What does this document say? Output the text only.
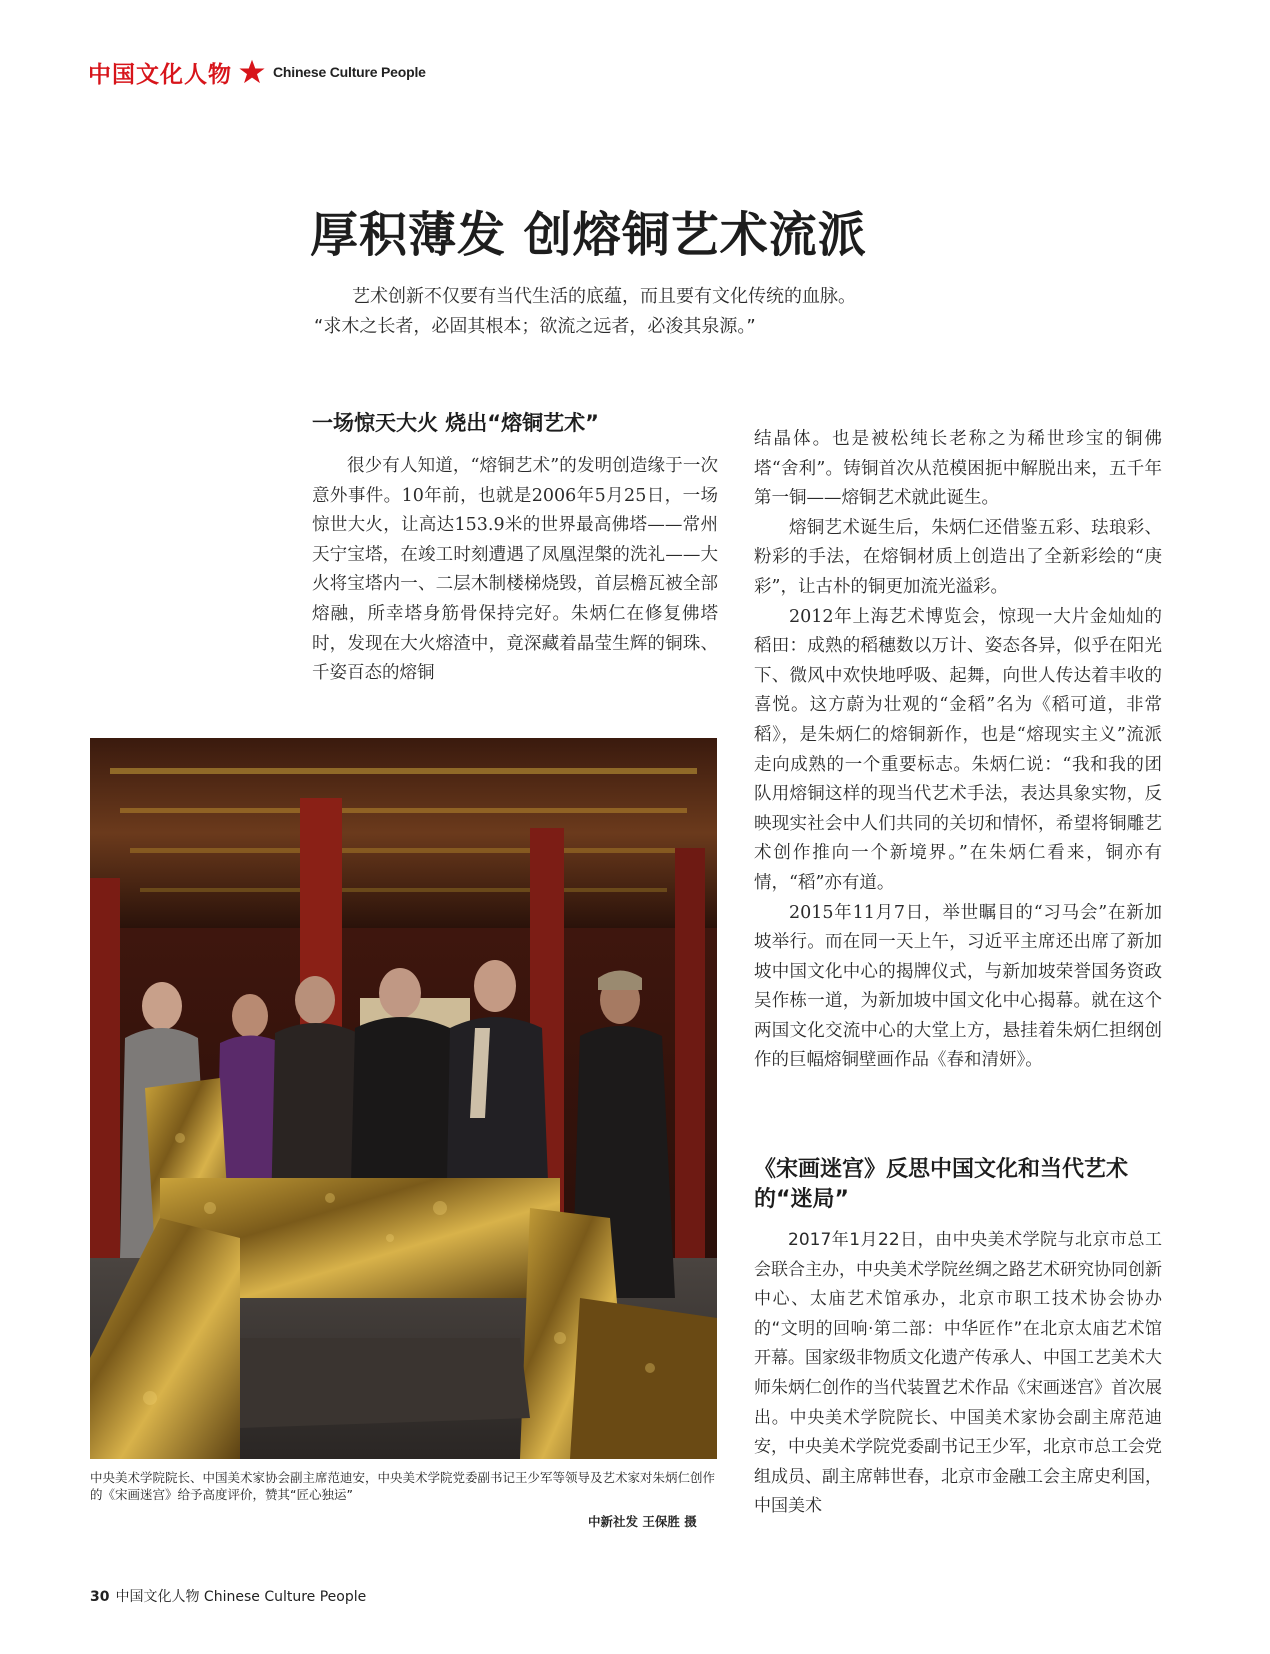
中国文化人物	Chinese Culture People
厚积薄发 创熔铜艺术流派
艺术创新不仅要有当代生活的底蕴，而且要有文化传统的血脉。
“求木之长者，必固其根本；欲流之远者，必浚其泉源。”
一场惊天大火 烧出“熔铜艺术”

很少有人知道，“熔铜艺术”的发明创造缘于一次意外事件。10年前，也就是2006年5月25日，一场惊世大火，让高达153.9米的世界最高佛塔——常州天宁宝塔，在竣工时刻遭遇了凤凰涅槃的洗礼——大火将宝塔内一、二层木制楼梯烧毁，首层檐瓦被全部熔融，所幸塔身筋骨保持完好。朱炳仁在修复佛塔时，发现在大火熔渣中，竟深藏着晶莹生辉的铜珠、千姿百态的熔铜

结晶体。也是被松纯长老称之为稀世珍宝的铜佛塔“舍利”。铸铜首次从范模困扼中解脱出来，五千年第一铜——熔铜艺术就此诞生。

熔铜艺术诞生后，朱炳仁还借鉴五彩、珐琅彩、粉彩的手法，在熔铜材质上创造出了全新彩绘的“庚彩”，让古朴的铜更加流光溢彩。

2012年上海艺术博览会，惊现一大片金灿灿的稻田：成熟的稻穗数以万计、姿态各异，似乎在阳光下、微风中欢快地呼吸、起舞，向世人传达着丰收的喜悦。这方蔚为壮观的“金稻”名为《稻可道，非常稻》，是朱炳仁的熔铜新作，也是“熔现实主义”流派走向成熟的一个重要标志。朱炳仁说：“我和我的团队用熔铜这样的现当代艺术手法，表达具象实物，反映现实社会中人们共同的关切和情怀，希望将铜雕艺术创作推向一个新境界。”在朱炳仁看来，铜亦有情，“稻”亦有道。

2015年11月7日，举世瞩目的“习马会”在新加坡举行。而在同一天上午，习近平主席还出席了新加坡中国文化中心的揭牌仪式，与新加坡荣誉国务资政吴作栋一道，为新加坡中国文化中心揭幕。就在这个两国文化交流中心的大堂上方，悬挂着朱炳仁担纲创作的巨幅熔铜壁画作品《春和清妍》。

《宋画迷宫》反思中国文化和当代艺术的“迷局”

2017年1月22日，由中央美术学院与北京市总工会联合主办，中央美术学院丝绸之路艺术研究协同创新中心、太庙艺术馆承办，北京市职工技术协会协办的“文明的回响·第二部：中华匠作”在北京太庙艺术馆开幕。国家级非物质文化遗产传承人、中国工艺美术大师朱炳仁创作的当代装置艺术作品《宋画迷宫》首次展出。中央美术学院院长、中国美术家协会副主席范迪安，中央美术学院党委副书记王少军，北京市总工会党组成员、副主席韩世春，北京市金融工会主席史利国，中国美术

中央美术学院院长、中国美术家协会副主席范迪安，中央美术学院党委副书记王少军等领导及艺术家对朱炳仁创作的《宋画迷宫》给予高度评价，赞其“匠心独运”
中新社发 王保胜 摄
30 中国文化人物 Chinese Culture People
